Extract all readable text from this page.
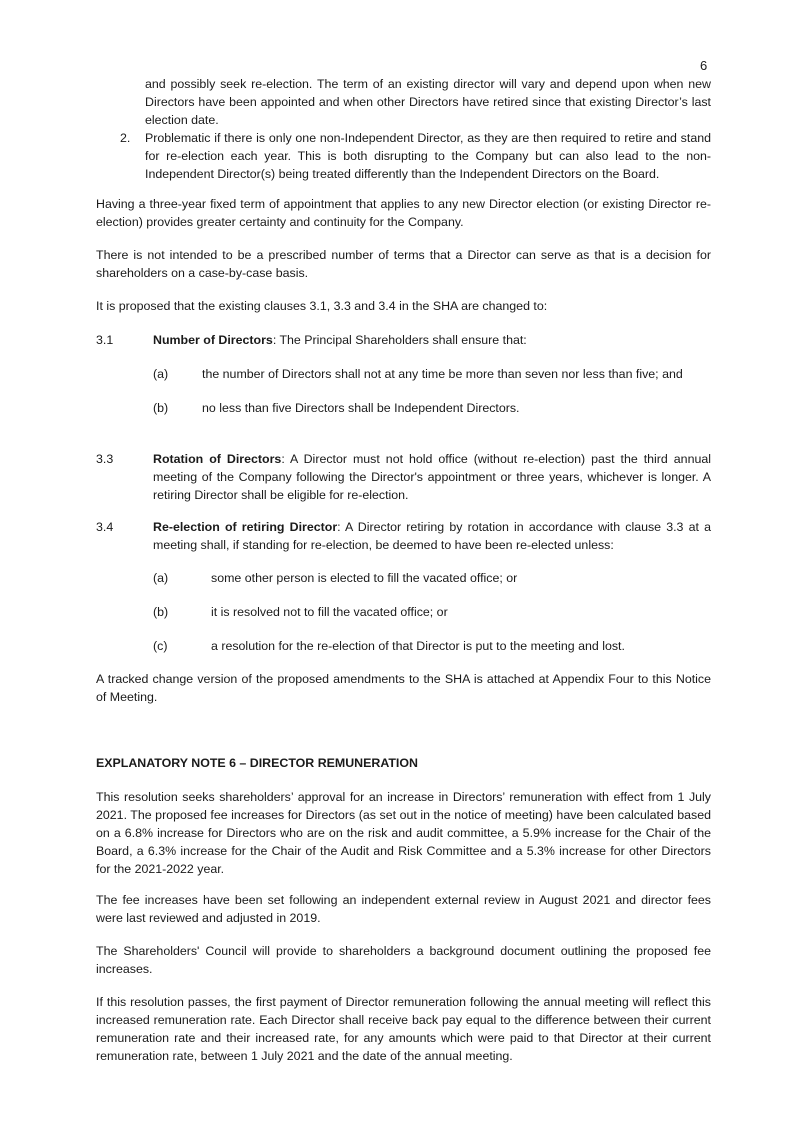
6

and possibly seek re-election. The term of an existing director will vary and depend upon when new Directors have been appointed and when other Directors have retired since that existing Director’s last election date.

2. Problematic if there is only one non-Independent Director, as they are then required to retire and stand for re-election each year. This is both disrupting to the Company but can also lead to the non-Independent Director(s) being treated differently than the Independent Directors on the Board.

Having a three-year fixed term of appointment that applies to any new Director election (or existing Director re-election) provides greater certainty and continuity for the Company.

There is not intended to be a prescribed number of terms that a Director can serve as that is a decision for shareholders on a case-by-case basis.

It is proposed that the existing clauses 3.1, 3.3 and 3.4 in the SHA are changed to:

3.1	Number of Directors: The Principal Shareholders shall ensure that:

(a)	the number of Directors shall not at any time be more than seven nor less than five; and
(b)	no less than five Directors shall be Independent Directors.
3.3	Rotation of Directors: A Director must not hold office (without re-election) past the third annual meeting of the Company following the Director's appointment or three years, whichever is longer. A retiring Director shall be eligible for re-election.

3.4	Re-election of retiring Director: A Director retiring by rotation in accordance with clause 3.3 at a meeting shall, if standing for re-election, be deemed to have been re-elected unless:

(a)	some other person is elected to fill the vacated office; or
(b)	it is resolved not to fill the vacated office; or
(c)	a resolution for the re-election of that Director is put to the meeting and lost.

A tracked change version of the proposed amendments to the SHA is attached at Appendix Four to this Notice of Meeting.

EXPLANATORY NOTE 6 – DIRECTOR REMUNERATION

This resolution seeks shareholders’ approval for an increase in Directors’ remuneration with effect from 1 July 2021. The proposed fee increases for Directors (as set out in the notice of meeting) have been calculated based on a 6.8% increase for Directors who are on the risk and audit committee, a 5.9% increase for the Chair of the Board, a 6.3% increase for the Chair of the Audit and Risk Committee and a 5.3% increase for other Directors for the 2021-2022 year.

The fee increases have been set following an independent external review in August 2021 and director fees were last reviewed and adjusted in 2019.

The Shareholders' Council will provide to shareholders a background document outlining the proposed fee increases.

If this resolution passes, the first payment of Director remuneration following the annual meeting will reflect this increased remuneration rate. Each Director shall receive back pay equal to the difference between their current remuneration rate and their increased rate, for any amounts which were paid to that Director at their current remuneration rate, between 1 July 2021 and the date of the annual meeting.
